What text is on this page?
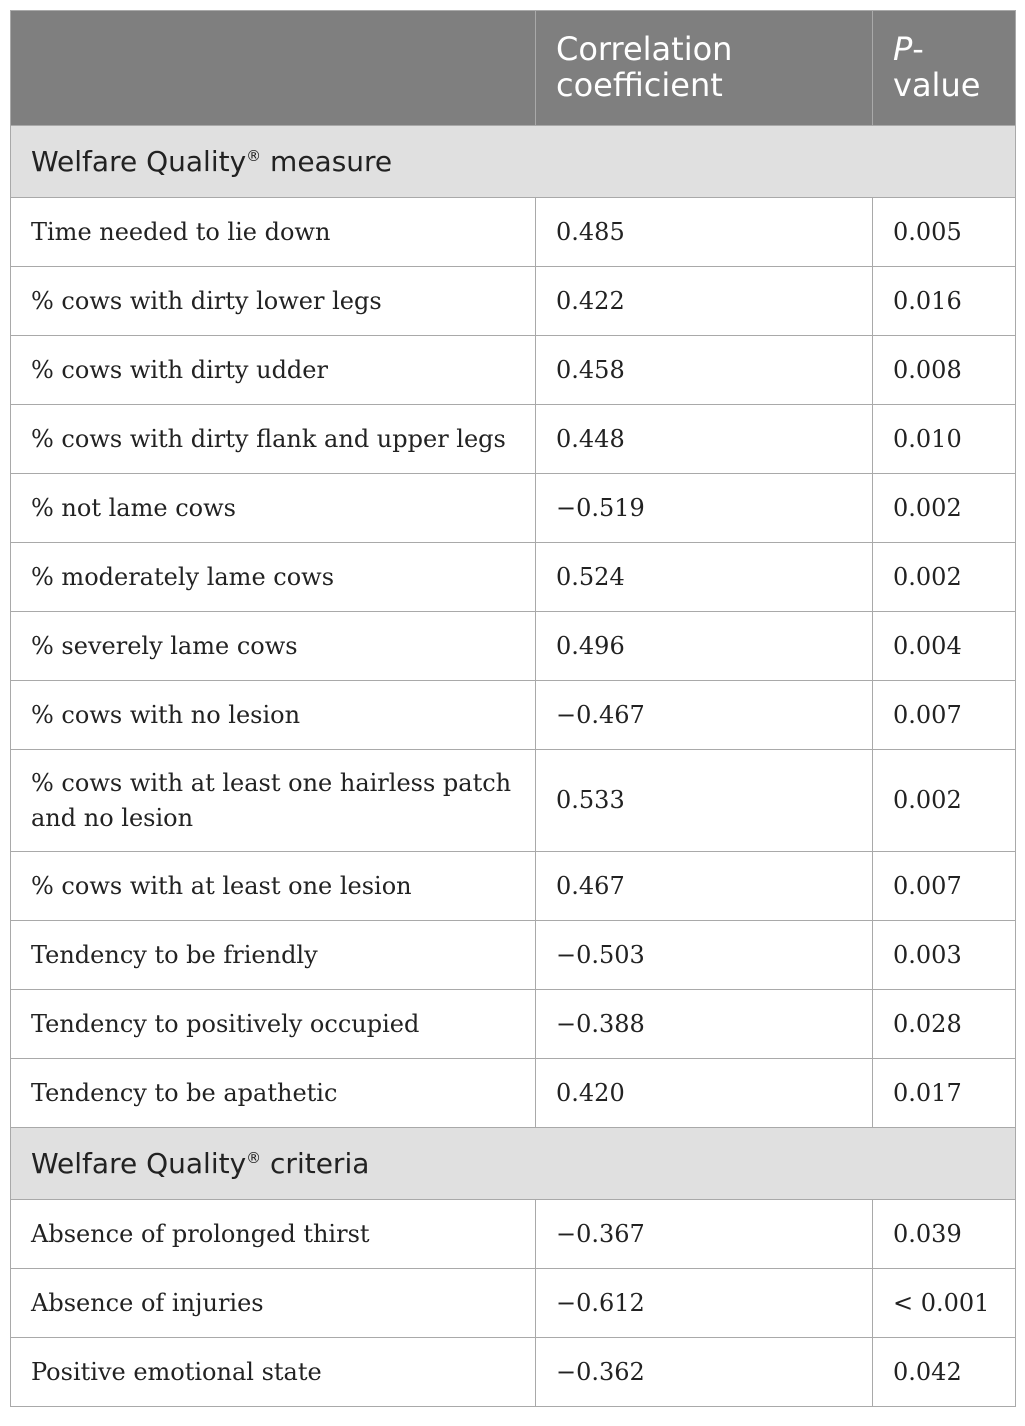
	Correlation coefficient	P-value
Welfare Quality® measure		
Time needed to lie down	0.485	0.005
% cows with dirty lower legs	0.422	0.016
% cows with dirty udder	0.458	0.008
% cows with dirty flank and upper legs	0.448	0.010
% not lame cows	−0.519	0.002
% moderately lame cows	0.524	0.002
% severely lame cows	0.496	0.004
% cows with no lesion	−0.467	0.007
% cows with at least one hairless patch and no lesion	0.533	0.002
% cows with at least one lesion	0.467	0.007
Tendency to be friendly	−0.503	0.003
Tendency to positively occupied	−0.388	0.028
Tendency to be apathetic	0.420	0.017
Welfare Quality® criteria		
Absence of prolonged thirst	−0.367	0.039
Absence of injuries	−0.612	< 0.001
Positive emotional state	−0.362	0.042
